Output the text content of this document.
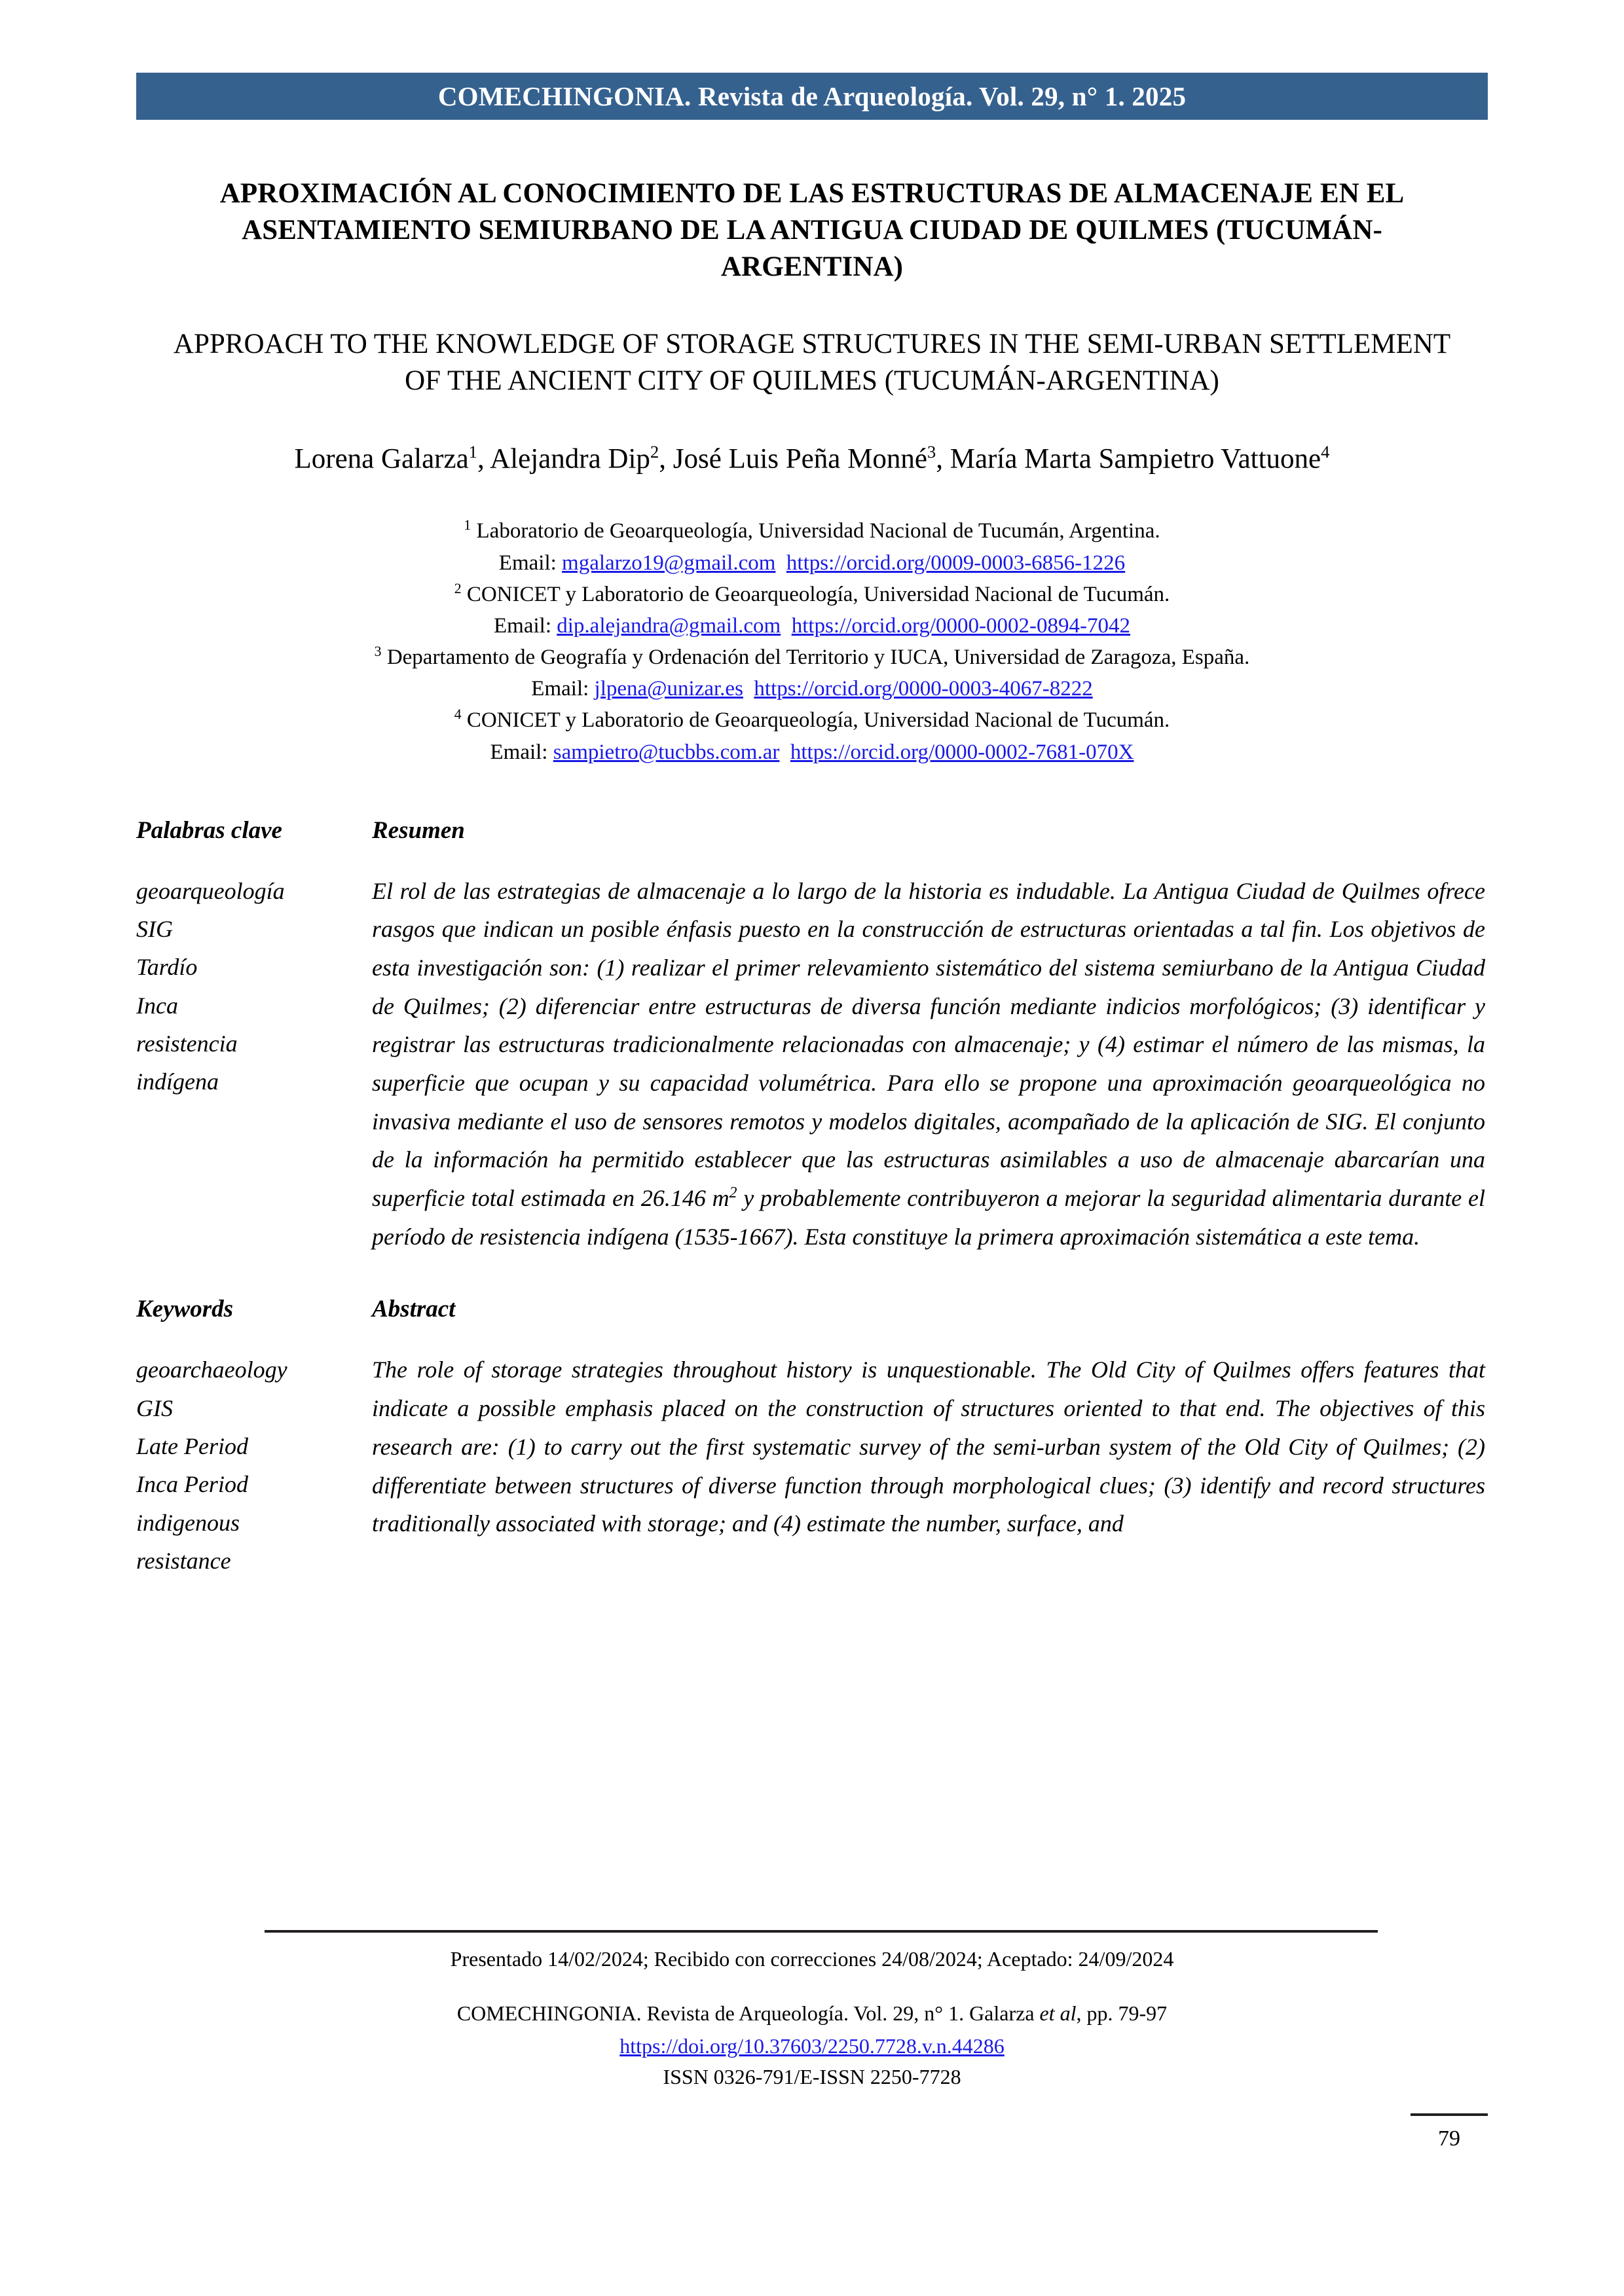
COMECHINGONIA. Revista de Arqueología. Vol. 29, n° 1. 2025
APROXIMACIÓN AL CONOCIMIENTO DE LAS ESTRUCTURAS DE ALMACENAJE EN EL ASENTAMIENTO SEMIURBANO DE LA ANTIGUA CIUDAD DE QUILMES (TUCUMÁN-ARGENTINA)
APPROACH TO THE KNOWLEDGE OF STORAGE STRUCTURES IN THE SEMI-URBAN SETTLEMENT OF THE ANCIENT CITY OF QUILMES (TUCUMÁN-ARGENTINA)
Lorena Galarza$^1$, Alejandra Dip$^2$, José Luis Peña Monné$^3$, María Marta Sampietro Vattuone$^4$
$^1$ Laboratorio de Geoarqueología, Universidad Nacional de Tucumán, Argentina.
Email: mgalarzo19@gmail.com https://orcid.org/0009-0003-6856-1226
$^2$ CONICET y Laboratorio de Geoarqueología, Universidad Nacional de Tucumán.
Email: dip.alejandra@gmail.com https://orcid.org/0000-0002-0894-7042
$^3$ Departamento de Geografía y Ordenación del Territorio y IUCA, Universidad de Zaragoza, España.
Email: jlpena@unizar.es https://orcid.org/0000-0003-4067-8222
$^4$ CONICET y Laboratorio de Geoarqueología, Universidad Nacional de Tucumán.
Email: sampietro@tucbbs.com.ar https://orcid.org/0000-0002-7681-070X
Palabras clave	Resumen
geoarqueología
SIG
Tardío
Inca
resistencia
indígena
El rol de las estrategias de almacenaje a lo largo de la historia es indudable. La Antigua Ciudad de Quilmes ofrece rasgos que indican un posible énfasis puesto en la construcción de estructuras orientadas a tal fin. Los objetivos de esta investigación son: (1) realizar el primer relevamiento sistemático del sistema semiurbano de la Antigua Ciudad de Quilmes; (2) diferenciar entre estructuras de diversa función mediante indicios morfológicos; (3) identificar y registrar las estructuras tradicionalmente relacionadas con almacenaje; y (4) estimar el número de las mismas, la superficie que ocupan y su capacidad volumétrica. Para ello se propone una aproximación geoarqueológica no invasiva mediante el uso de sensores remotos y modelos digitales, acompañado de la aplicación de SIG. El conjunto de la información ha permitido establecer que las estructuras asimilables a uso de almacenaje abarcarían una superficie total estimada en 26.146 $m^2$ y probablemente contribuyeron a mejorar la seguridad alimentaria durante el período de resistencia indígena (1535-1667). Esta constituye la primera aproximación sistemática a este tema.
Keywords	Abstract
geoarchaeology
GIS
Late Period
Inca Period
indigenous
resistance
The role of storage strategies throughout history is unquestionable. The Old City of Quilmes offers features that indicate a possible emphasis placed on the construction of structures oriented to that end. The objectives of this research are: (1) to carry out the first systematic survey of the semi-urban system of the Old City of Quilmes; (2) differentiate between structures of diverse function through morphological clues; (3) identify and record structures traditionally associated with storage; and (4) estimate the number, surface, and
Presentado 14/02/2024; Recibido con correcciones 24/08/2024; Aceptado: 24/09/2024
COMECHINGONIA. Revista de Arqueología. Vol. 29, n° 1. Galarza et al, pp. 79-97
https://doi.org/10.37603/2250.7728.v.n.44286
ISSN 0326-791/E-ISSN 2250-7728
79
